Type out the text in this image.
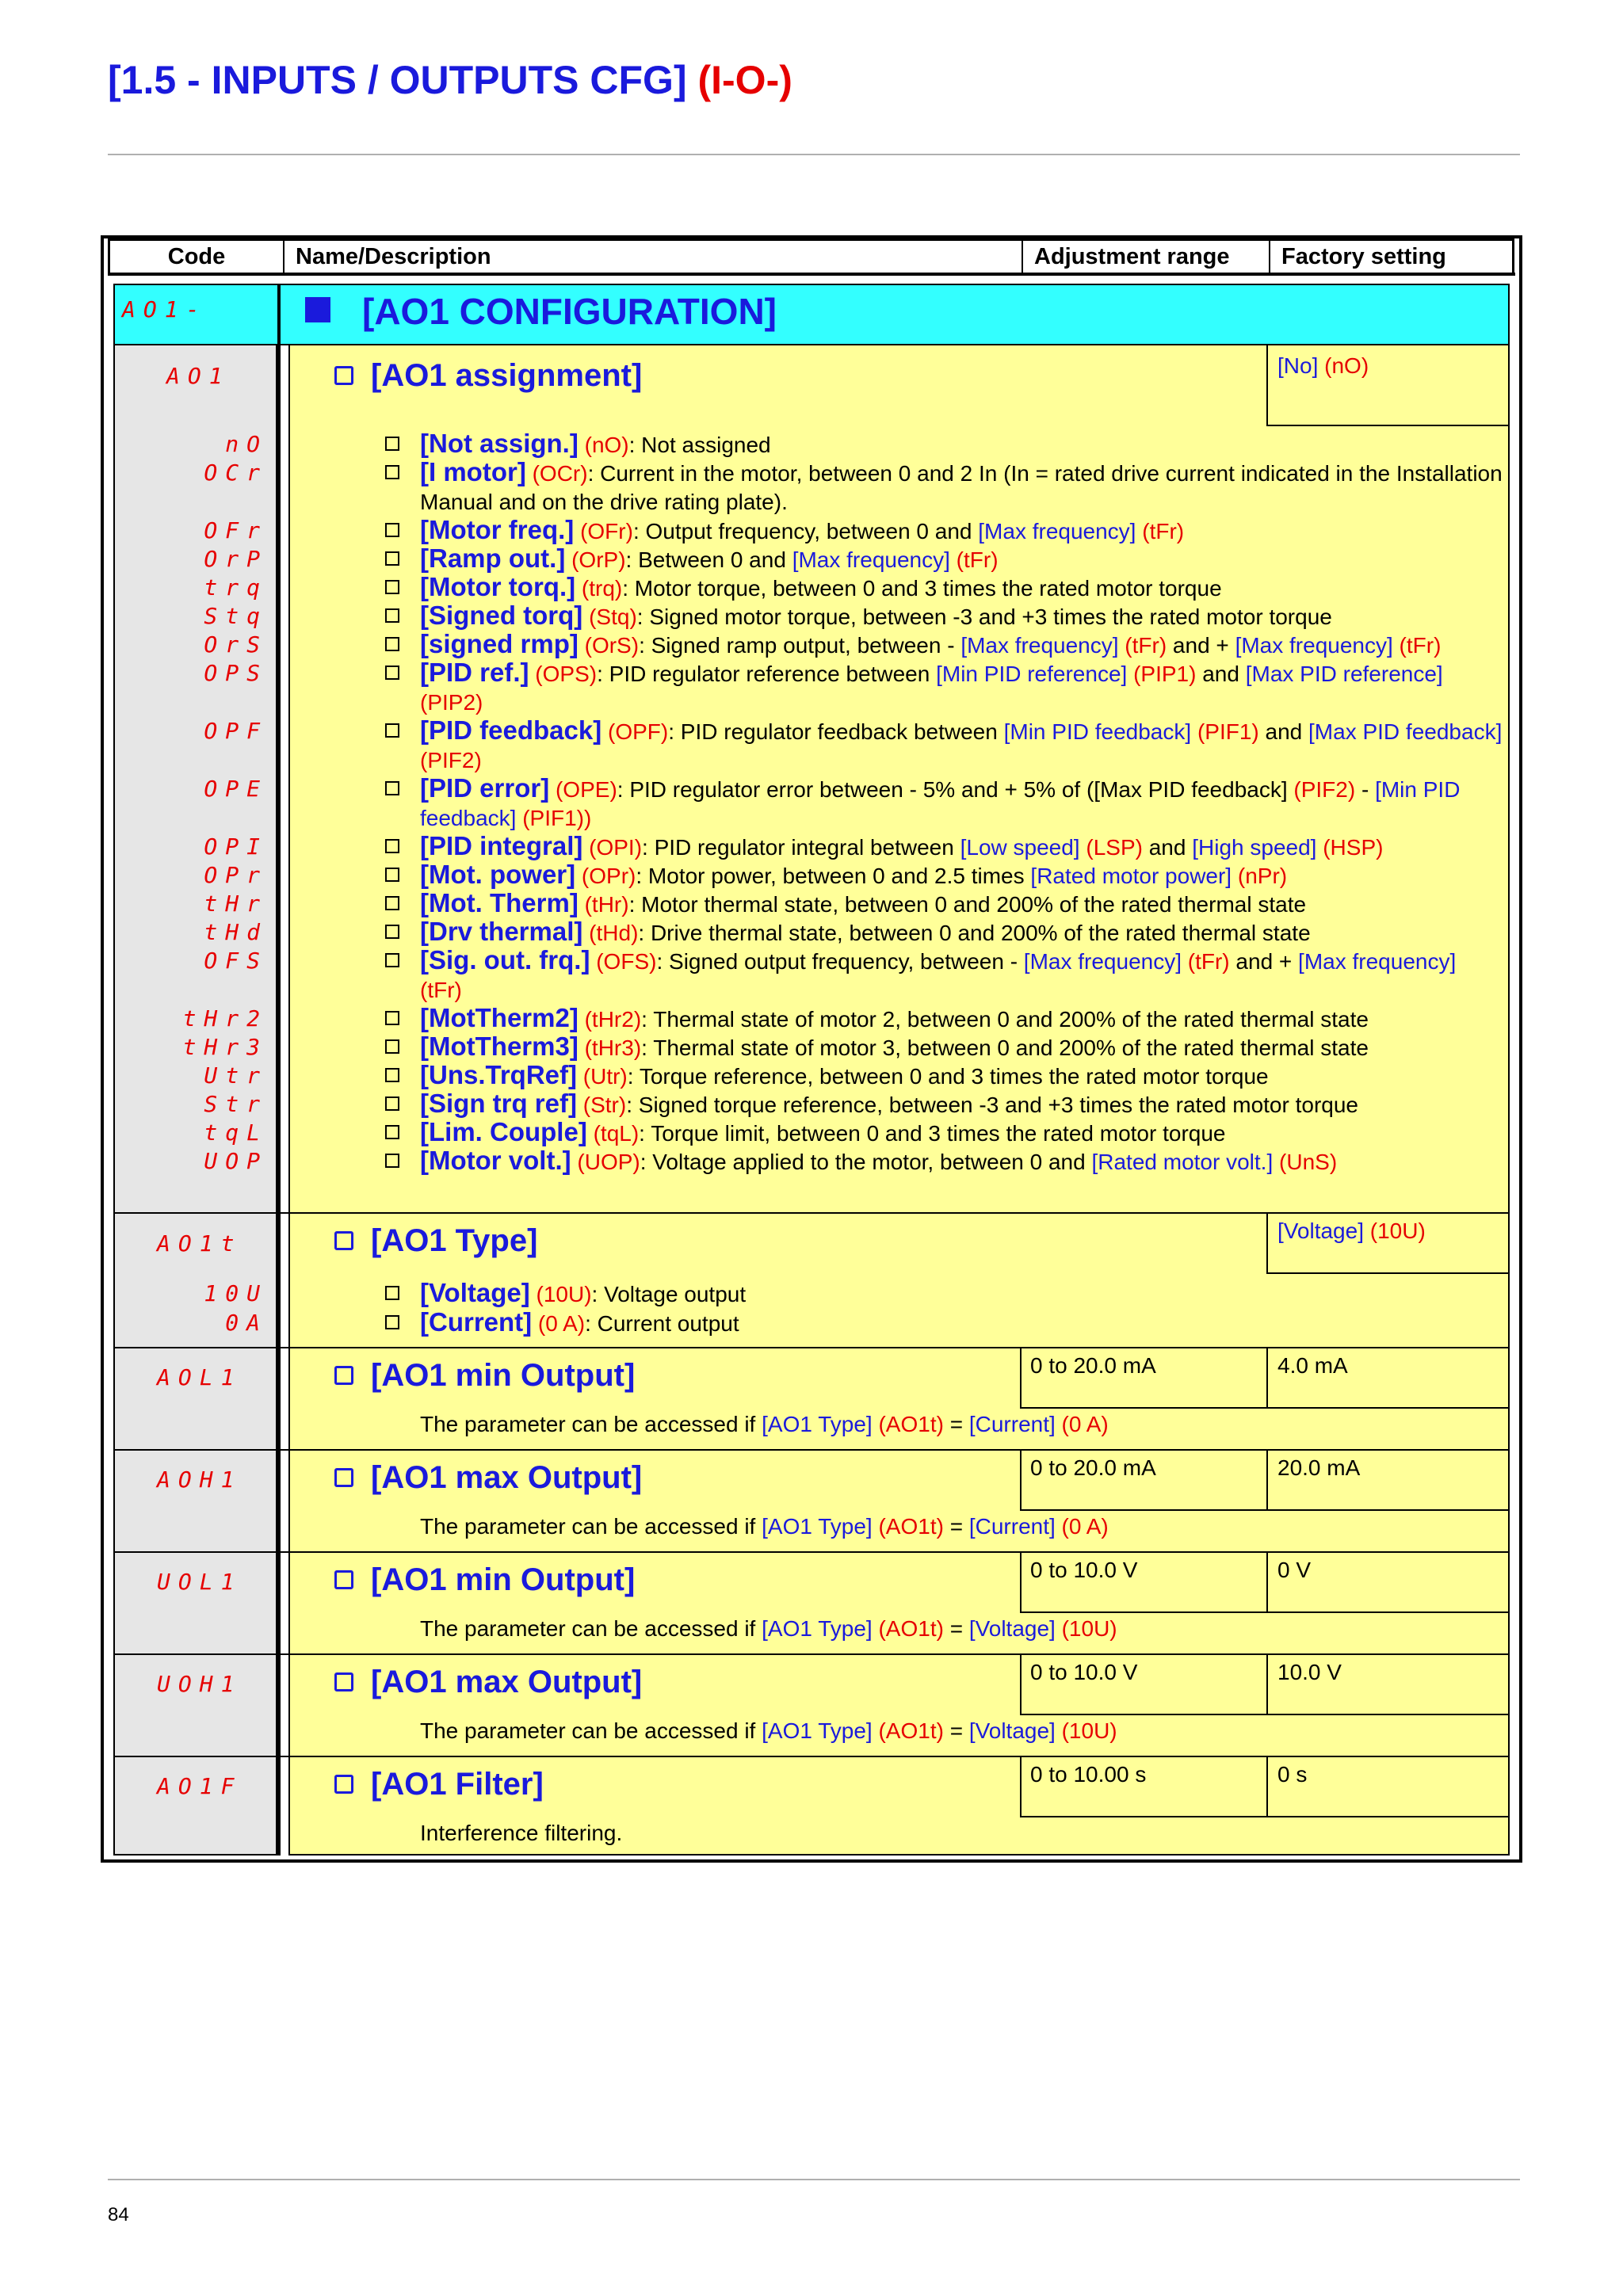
[1.5 - INPUTS / OUTPUTS CFG] (I-O-)
Code	Name/Description	Adjustment range	Factory setting
AO1-	[AO1 CONFIGURATION]
AO1	[AO1 assignment]	[No] (nO)
nO	[Not assign.] (nO): Not assigned
OCr	[I motor] (OCr): Current in the motor, between 0 and 2 In (In = rated drive current indicated in the Installation Manual and on the drive rating plate).
OFr	[Motor freq.] (OFr): Output frequency, between 0 and [Max frequency] (tFr)
OrP	[Ramp out.] (OrP): Between 0 and [Max frequency] (tFr)
trq	[Motor torq.] (trq): Motor torque, between 0 and 3 times the rated motor torque
Stq	[Signed torq] (Stq): Signed motor torque, between -3 and +3 times the rated motor torque
OrS	[signed rmp] (OrS): Signed ramp output, between - [Max frequency] (tFr) and + [Max frequency] (tFr)
OPS	[PID ref.] (OPS): PID regulator reference between [Min PID reference] (PIP1) and [Max PID reference] (PIP2)
OPF	[PID feedback] (OPF): PID regulator feedback between [Min PID feedback] (PIF1) and [Max PID feedback] (PIF2)
OPE	[PID error] (OPE): PID regulator error between - 5% and + 5% of ([Max PID feedback] (PIF2) - [Min PID feedback] (PIF1))
OPI	[PID integral] (OPI): PID regulator integral between [Low speed] (LSP) and [High speed] (HSP)
OPr	[Mot. power] (OPr): Motor power, between 0 and 2.5 times [Rated motor power] (nPr)
tHr	[Mot. Therm] (tHr): Motor thermal state, between 0 and 200% of the rated thermal state
tHd	[Drv thermal] (tHd): Drive thermal state, between 0 and 200% of the rated thermal state
OFS	[Sig. out. frq.] (OFS): Signed output frequency, between - [Max frequency] (tFr) and + [Max frequency] (tFr)
tHr2	[MotTherm2] (tHr2): Thermal state of motor 2, between 0 and 200% of the rated thermal state
tHr3	[MotTherm3] (tHr3): Thermal state of motor 3, between 0 and 200% of the rated thermal state
Utr	[Uns.TrqRef] (Utr): Torque reference, between 0 and 3 times the rated motor torque
Str	[Sign trq ref] (Str): Signed torque reference, between -3 and +3 times the rated motor torque
tqL	[Lim. Couple] (tqL): Torque limit, between 0 and 3 times the rated motor torque
UOP	[Motor volt.] (UOP): Voltage applied to the motor, between 0 and [Rated motor volt.] (UnS)
AO1t	[AO1 Type]	[Voltage] (10U)
10U	[Voltage] (10U): Voltage output
0A	[Current] (0 A): Current output
AOL1	[AO1 min Output]	0 to 20.0 mA	4.0 mA
The parameter can be accessed if [AO1 Type] (AO1t) = [Current] (0 A)
AOH1	[AO1 max Output]	0 to 20.0 mA	20.0 mA
The parameter can be accessed if [AO1 Type] (AO1t) = [Current] (0 A)
UOL1	[AO1 min Output]	0 to 10.0 V	0 V
The parameter can be accessed if [AO1 Type] (AO1t) = [Voltage] (10U)
UOH1	[AO1 max Output]	0 to 10.0 V	10.0 V
The parameter can be accessed if [AO1 Type] (AO1t) = [Voltage] (10U)
AO1F	[AO1 Filter]	0 to 10.00 s	0 s
Interference filtering.
84
